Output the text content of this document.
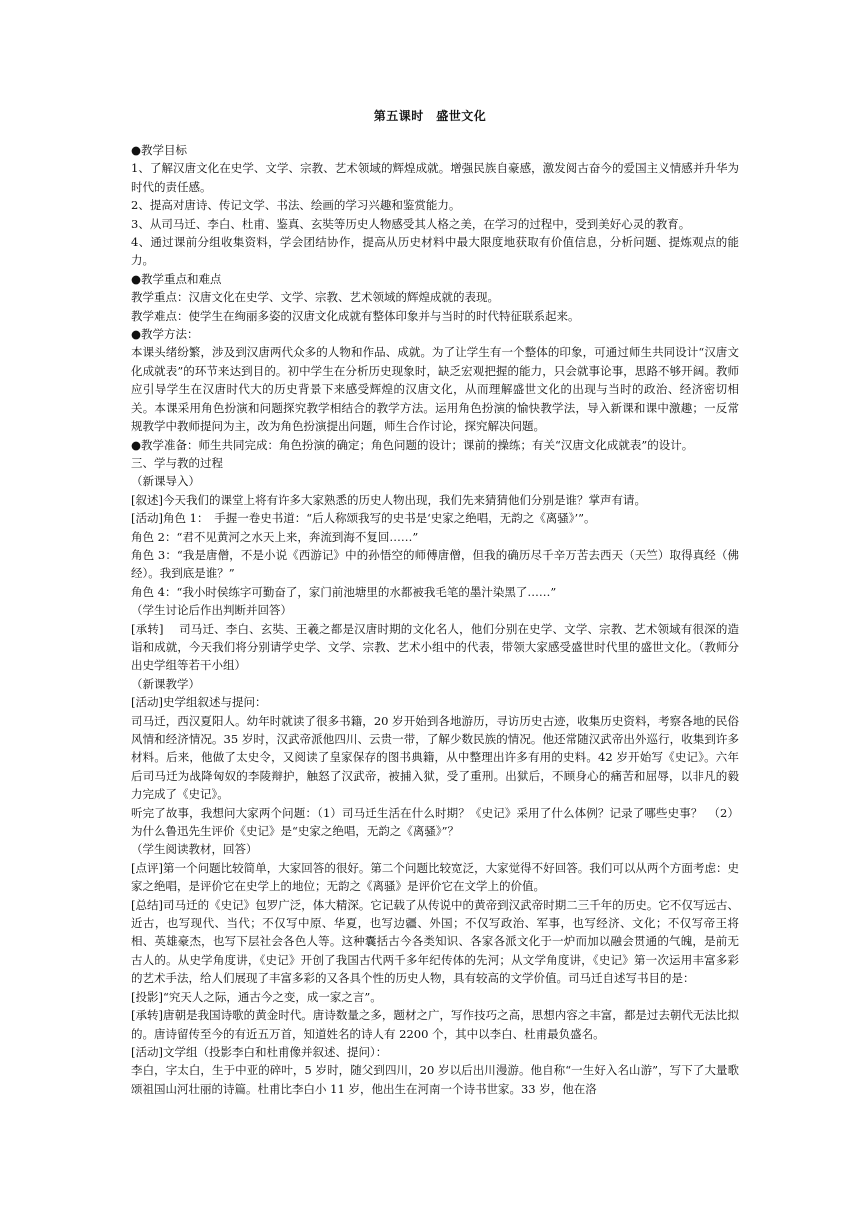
第五课时　盛世文化

●教学目标

1、了解汉唐文化在史学、文学、宗教、艺术领域的辉煌成就。增强民族自豪感，激发阅古奋今的爱国主义情感并升华为时代的责任感。

2、提高对唐诗、传记文学、书法、绘画的学习兴趣和鉴赏能力。

3、从司马迁、李白、杜甫、鉴真、玄奘等历史人物感受其人格之美，在学习的过程中，受到美好心灵的教育。

4、通过课前分组收集资料，学会团结协作，提高从历史材料中最大限度地获取有价值信息，分析问题、提炼观点的能力。

●教学重点和难点

教学重点：汉唐文化在史学、文学、宗教、艺术领域的辉煌成就的表现。

教学难点：使学生在绚丽多姿的汉唐文化成就有整体印象并与当时的时代特征联系起来。

●教学方法：

本课头绪纷繁，涉及到汉唐两代众多的人物和作品、成就。为了让学生有一个整体的印象，可通过师生共同设计“汉唐文化成就表”的环节来达到目的。初中学生在分析历史现象时，缺乏宏观把握的能力，只会就事论事，思路不够开阔。教师应引导学生在汉唐时代大的历史背景下来感受辉煌的汉唐文化，从而理解盛世文化的出现与当时的政治、经济密切相关。本课采用角色扮演和问题探究教学相结合的教学方法。运用角色扮演的愉快教学法，导入新课和课中激趣；一反常规教学中教师提问为主，改为角色扮演提出问题，师生合作讨论，探究解决问题。

●教学准备：师生共同完成：角色扮演的确定；角色问题的设计；课前的操练；有关“汉唐文化成就表”的设计。

三、学与教的过程

（新课导入）

[叙述]今天我们的课堂上将有许多大家熟悉的历史人物出现，我们先来猜猜他们分别是谁？掌声有请。

[活动]角色 1：　手握一卷史书道：“后人称颂我写的史书是‘史家之绝唱，无韵之《离骚》’”。

角色 2：“君不见黄河之水天上来，奔流到海不复回……”

角色 3：“我是唐僧，不是小说《西游记》中的孙悟空的师傅唐僧，但我的确历尽千辛万苦去西天（天竺）取得真经（佛经）。我到底是谁？”

角色 4：“我小时侯练字可勤奋了，家门前池塘里的水都被我毛笔的墨汁染黑了……”

（学生讨论后作出判断并回答）

[承转]　 司马迁、李白、玄奘、王羲之都是汉唐时期的文化名人，他们分别在史学、文学、宗教、艺术领域有很深的造诣和成就，今天我们将分别请学史学、文学、宗教、艺术小组中的代表，带领大家感受盛世时代里的盛世文化。（教师分出史学组等若干小组）

（新课教学）

[活动]史学组叙述与提问：

司马迁，西汉夏阳人。幼年时就读了很多书籍，20 岁开始到各地游历，寻访历史古迹，收集历史资料，考察各地的民俗风情和经济情况。35 岁时，汉武帝派他四川、云贵一带，了解少数民族的情况。他还常随汉武帝出外巡行，收集到许多材料。后来，他做了太史令，又阅读了皇家保存的图书典籍，从中整理出许多有用的史料。42 岁开始写《史记》。六年后司马迁为战降匈奴的李陵辩护，触怒了汉武帝，被捕入狱，受了重刑。出狱后，不顾身心的痛苦和屈辱，以非凡的毅力完成了《史记》。

听完了故事，我想问大家两个问题：（1）司马迁生活在什么时期？《史记》采用了什么体例？记录了哪些史事？　（2）为什么鲁迅先生评价《史记》是“史家之绝唱，无韵之《离骚》”？

（学生阅读教材，回答）

[点评]第一个问题比较简单，大家回答的很好。第二个问题比较宽泛，大家觉得不好回答。我们可以从两个方面考虑：史家之绝唱，是评价它在史学上的地位；无韵之《离骚》是评价它在文学上的价值。

[总结]司马迁的《史记》包罗广泛，体大精深。它记载了从传说中的黄帝到汉武帝时期二三千年的历史。它不仅写远古、近古，也写现代、当代；不仅写中原、华夏，也写边疆、外国；不仅写政治、军事，也写经济、文化；不仅写帝王将相、英雄豪杰，也写下层社会各色人等。这种囊括古今各类知识、各家各派文化于一炉而加以融会贯通的气魄，是前无古人的。从史学角度讲，《史记》开创了我国古代两千多年纪传体的先河；从文学角度讲，《史记》第一次运用丰富多彩的艺术手法，给人们展现了丰富多彩的又各具个性的历史人物，具有较高的文学价值。司马迁自述写书目的是：

[投影]“究天人之际，通古今之变，成一家之言”。

[承转]唐朝是我国诗歌的黄金时代。唐诗数量之多，题材之广，写作技巧之高，思想内容之丰富，都是过去朝代无法比拟的。唐诗留传至今的有近五万首，知道姓名的诗人有 2200 个，其中以李白、杜甫最负盛名。

[活动]文学组（投影李白和杜甫像并叙述、提问）：

李白，字太白，生于中亚的碎叶，5 岁时，随父到四川，20 岁以后出川漫游。他自称“一生好入名山游”，写下了大量歌颂祖国山河壮丽的诗篇。杜甫比李白小 11 岁，他出生在河南一个诗书世家。33 岁，他在洛
